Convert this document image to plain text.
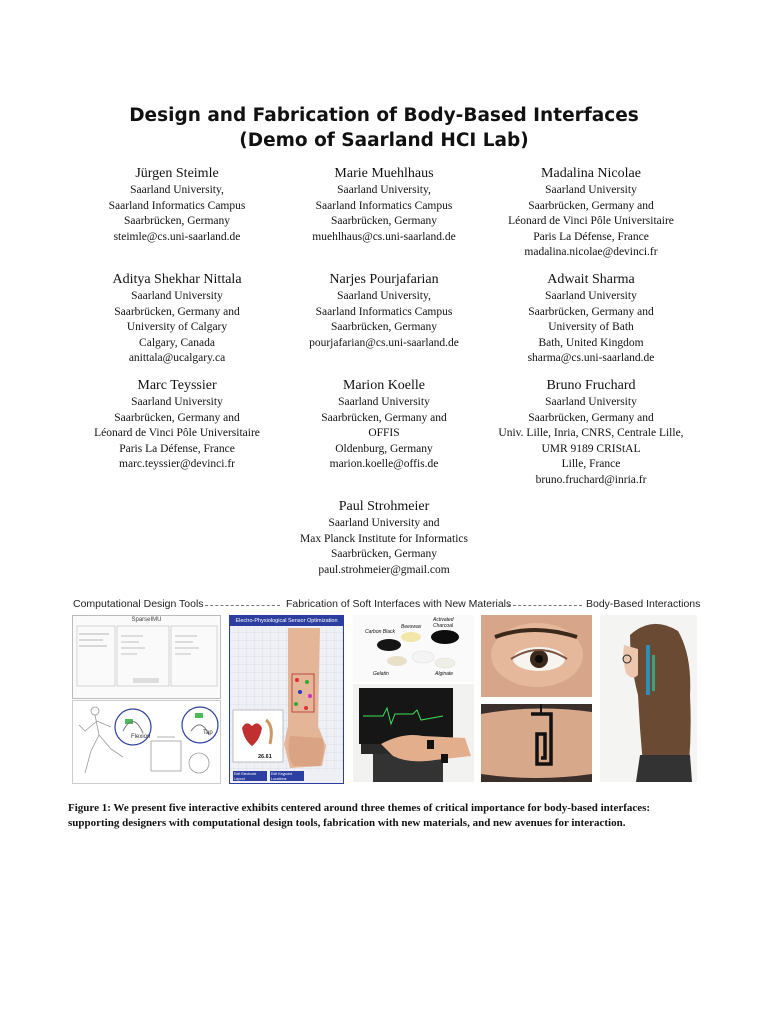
Design and Fabrication of Body-Based Interfaces
(Demo of Saarland HCI Lab)
Jürgen Steimle
Saarland University,
Saarland Informatics Campus
Saarbrücken, Germany
steimle@cs.uni-saarland.de
Marie Muehlhaus
Saarland University,
Saarland Informatics Campus
Saarbrücken, Germany
muehlhaus@cs.uni-saarland.de
Madalina Nicolae
Saarland University
Saarbrücken, Germany and
Léonard de Vinci Pôle Universitaire
Paris La Défense, France
madalina.nicolae@devinci.fr
Aditya Shekhar Nittala
Saarland University
Saarbrücken, Germany and
University of Calgary
Calgary, Canada
anittala@ucalgary.ca
Narjes Pourjafarian
Saarland University,
Saarland Informatics Campus
Saarbrücken, Germany
pourjafarian@cs.uni-saarland.de
Adwait Sharma
Saarland University
Saarbrücken, Germany and
University of Bath
Bath, United Kingdom
sharma@cs.uni-saarland.de
Marc Teyssier
Saarland University
Saarbrücken, Germany and
Léonard de Vinci Pôle Universitaire
Paris La Défense, France
marc.teyssier@devinci.fr
Marion Koelle
Saarland University
Saarbrücken, Germany and
OFFIS
Oldenburg, Germany
marion.koelle@offis.de
Bruno Fruchard
Saarland University
Saarbrücken, Germany and
Univ. Lille, Inria, CNRS, Centrale Lille,
UMR 9189 CRIStAL
Lille, France
bruno.fruchard@inria.fr
Paul Strohmeier
Saarland University and
Max Planck Institute for Informatics
Saarbrücken, Germany
paul.strohmeier@gmail.com
Computational Design Tools	Fabrication of Soft Interfaces with New Materials	Body-Based Interactions
SparseIMU
Flexion
Tap
Electro-Physiological Sensor Optimization
26.61
Edit Electrode Layout
Edit Keypoint Locations
Beeswax
Activated Charcoal
Carbon Black
Gelatin	Alginate
Figure 1: We present five interactive exhibits centered around three themes of critical importance for body-based interfaces:
supporting designers with computational design tools, fabrication with new materials, and new avenues for interaction.
